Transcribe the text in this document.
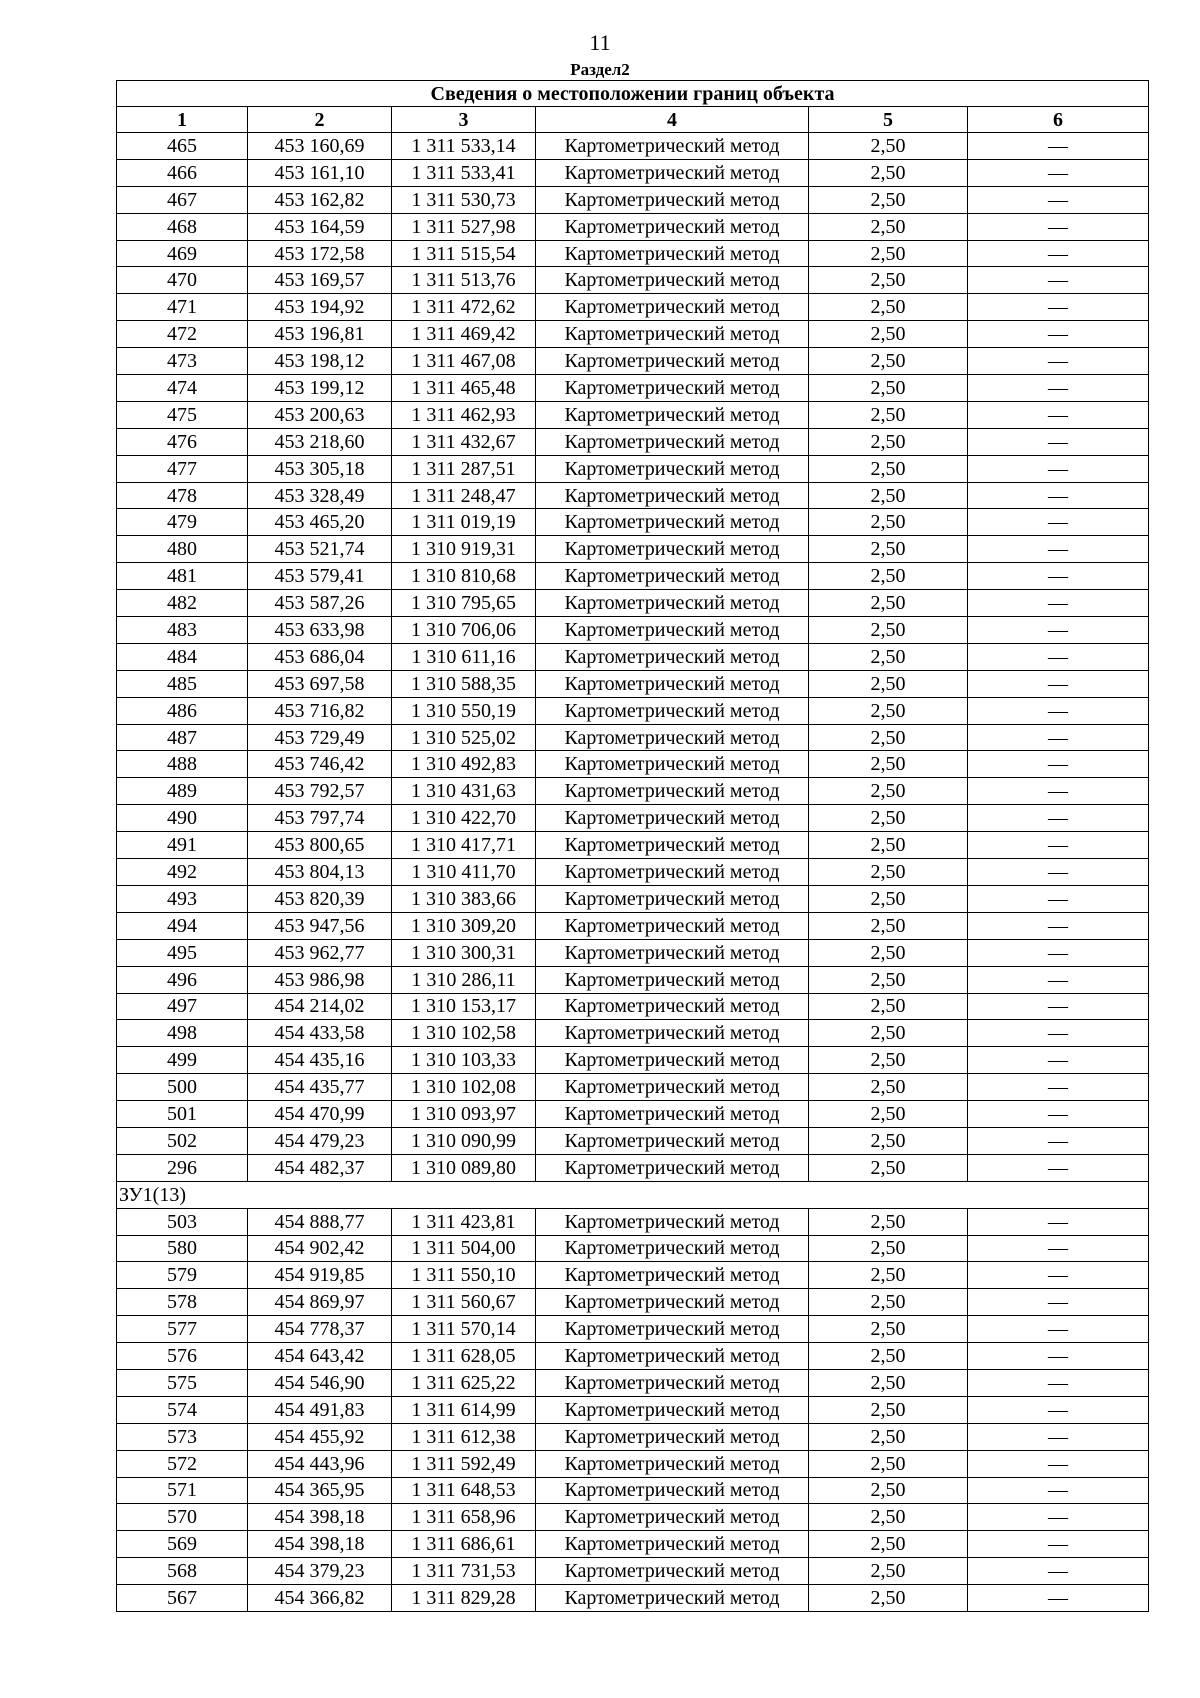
11
Раздел2
Сведения о местоположении границ объекта					
1	2	3	4	5	6
465	453 160,69	1 311 533,14	Картометрический метод	2,50	—
466	453 161,10	1 311 533,41	Картометрический метод	2,50	—
467	453 162,82	1 311 530,73	Картометрический метод	2,50	—
468	453 164,59	1 311 527,98	Картометрический метод	2,50	—
469	453 172,58	1 311 515,54	Картометрический метод	2,50	—
470	453 169,57	1 311 513,76	Картометрический метод	2,50	—
471	453 194,92	1 311 472,62	Картометрический метод	2,50	—
472	453 196,81	1 311 469,42	Картометрический метод	2,50	—
473	453 198,12	1 311 467,08	Картометрический метод	2,50	—
474	453 199,12	1 311 465,48	Картометрический метод	2,50	—
475	453 200,63	1 311 462,93	Картометрический метод	2,50	—
476	453 218,60	1 311 432,67	Картометрический метод	2,50	—
477	453 305,18	1 311 287,51	Картометрический метод	2,50	—
478	453 328,49	1 311 248,47	Картометрический метод	2,50	—
479	453 465,20	1 311 019,19	Картометрический метод	2,50	—
480	453 521,74	1 310 919,31	Картометрический метод	2,50	—
481	453 579,41	1 310 810,68	Картометрический метод	2,50	—
482	453 587,26	1 310 795,65	Картометрический метод	2,50	—
483	453 633,98	1 310 706,06	Картометрический метод	2,50	—
484	453 686,04	1 310 611,16	Картометрический метод	2,50	—
485	453 697,58	1 310 588,35	Картометрический метод	2,50	—
486	453 716,82	1 310 550,19	Картометрический метод	2,50	—
487	453 729,49	1 310 525,02	Картометрический метод	2,50	—
488	453 746,42	1 310 492,83	Картометрический метод	2,50	—
489	453 792,57	1 310 431,63	Картометрический метод	2,50	—
490	453 797,74	1 310 422,70	Картометрический метод	2,50	—
491	453 800,65	1 310 417,71	Картометрический метод	2,50	—
492	453 804,13	1 310 411,70	Картометрический метод	2,50	—
493	453 820,39	1 310 383,66	Картометрический метод	2,50	—
494	453 947,56	1 310 309,20	Картометрический метод	2,50	—
495	453 962,77	1 310 300,31	Картометрический метод	2,50	—
496	453 986,98	1 310 286,11	Картометрический метод	2,50	—
497	454 214,02	1 310 153,17	Картометрический метод	2,50	—
498	454 433,58	1 310 102,58	Картометрический метод	2,50	—
499	454 435,16	1 310 103,33	Картометрический метод	2,50	—
500	454 435,77	1 310 102,08	Картометрический метод	2,50	—
501	454 470,99	1 310 093,97	Картометрический метод	2,50	—
502	454 479,23	1 310 090,99	Картометрический метод	2,50	—
296	454 482,37	1 310 089,80	Картометрический метод	2,50	—
ЗУ1(13)					
503	454 888,77	1 311 423,81	Картометрический метод	2,50	—
580	454 902,42	1 311 504,00	Картометрический метод	2,50	—
579	454 919,85	1 311 550,10	Картометрический метод	2,50	—
578	454 869,97	1 311 560,67	Картометрический метод	2,50	—
577	454 778,37	1 311 570,14	Картометрический метод	2,50	—
576	454 643,42	1 311 628,05	Картометрический метод	2,50	—
575	454 546,90	1 311 625,22	Картометрический метод	2,50	—
574	454 491,83	1 311 614,99	Картометрический метод	2,50	—
573	454 455,92	1 311 612,38	Картометрический метод	2,50	—
572	454 443,96	1 311 592,49	Картометрический метод	2,50	—
571	454 365,95	1 311 648,53	Картометрический метод	2,50	—
570	454 398,18	1 311 658,96	Картометрический метод	2,50	—
569	454 398,18	1 311 686,61	Картометрический метод	2,50	—
568	454 379,23	1 311 731,53	Картометрический метод	2,50	—
567	454 366,82	1 311 829,28	Картометрический метод	2,50	—
